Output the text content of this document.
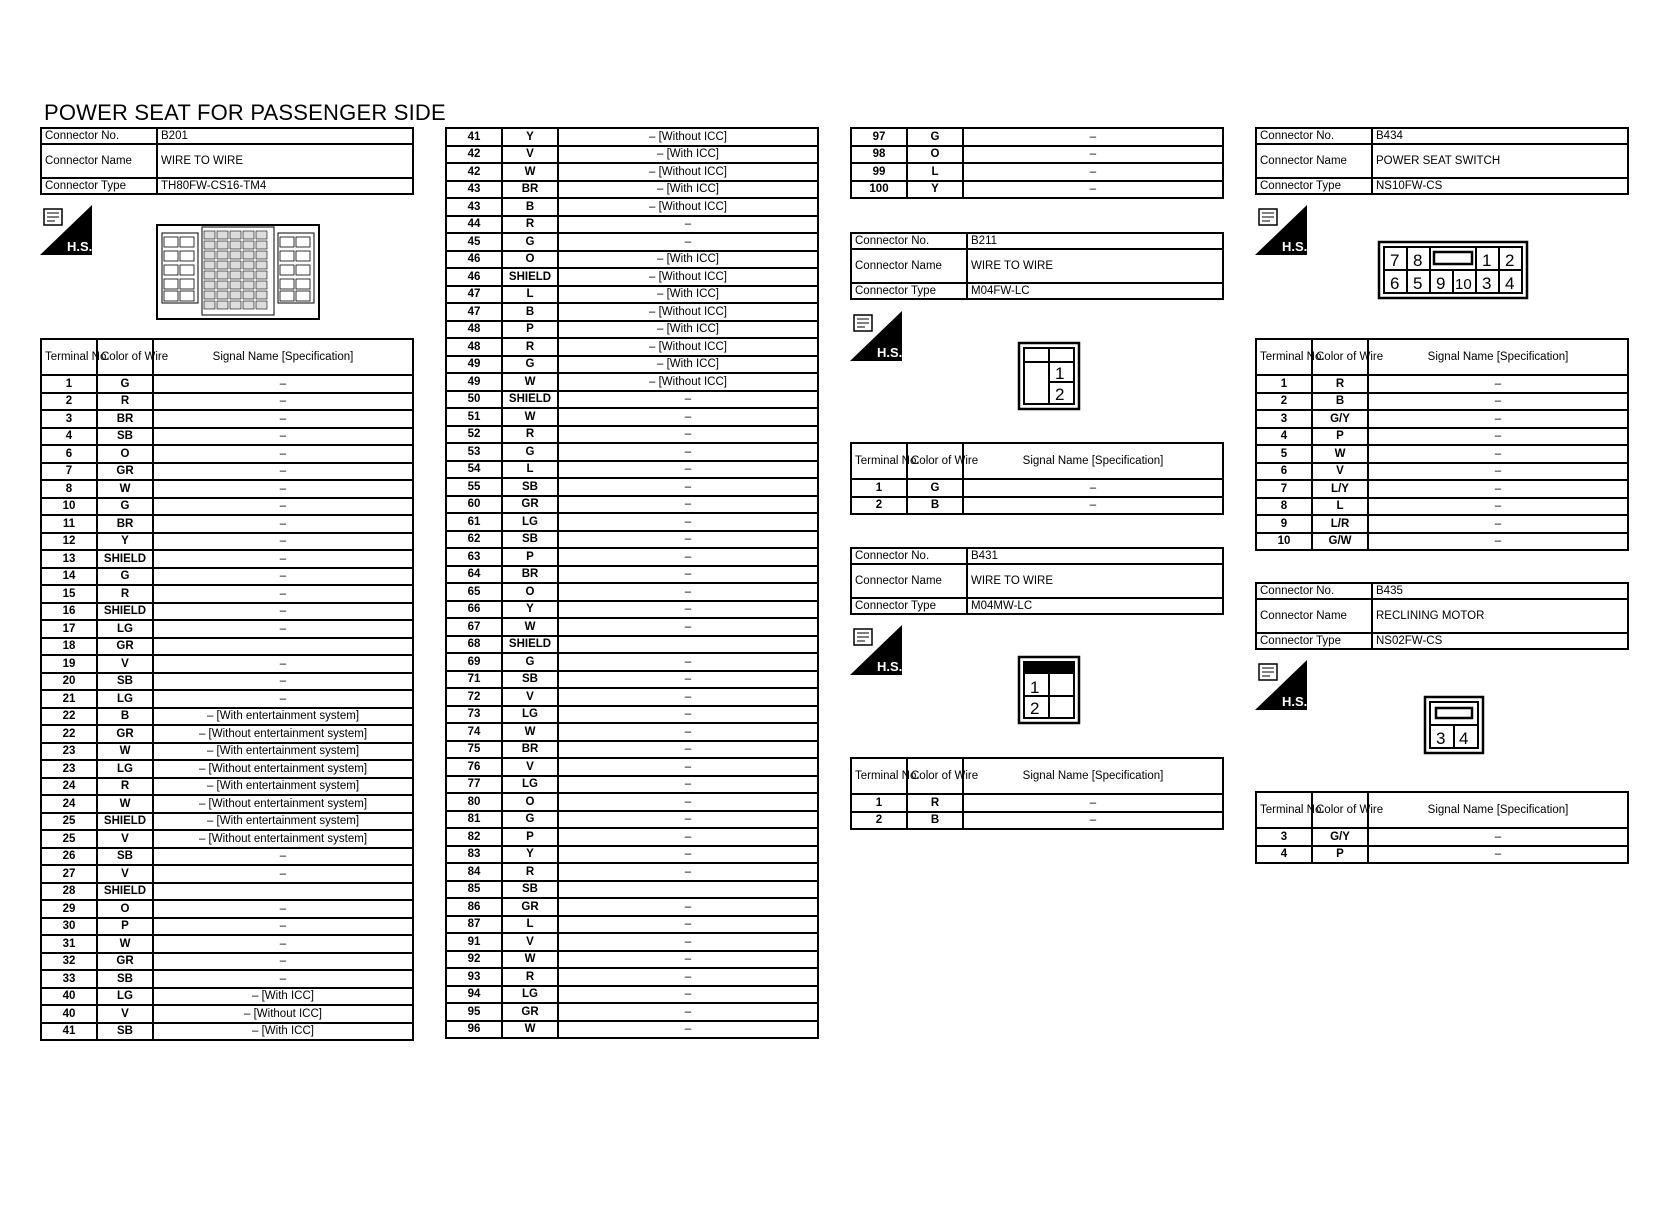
POWER SEAT FOR PASSENGER SIDE
Connector No.	B201
Connector Name	WIRE TO WIRE
Connector Type	TH80FW-CS16-TM4
H.S.
Terminal No.	Color of Wire	Signal Name [Specification]
1	G	–
2	R	–
3	BR	–
4	SB	–
6	O	–
7	GR	–
8	W	–
10	G	–
11	BR	–
12	Y	–
13	SHIELD	–
14	G	–
15	R	–
16	SHIELD	–
17	LG	–
18	GR	
19	V	–
20	SB	–
21	LG	–
22	B	– [With entertainment system]
22	GR	– [Without entertainment system]
23	W	– [With entertainment system]
23	LG	– [Without entertainment system]
24	R	– [With entertainment system]
24	W	– [Without entertainment system]
25	SHIELD	– [With entertainment system]
25	V	– [Without entertainment system]
26	SB	–
27	V	–
28	SHIELD	
29	O	–
30	P	–
31	W	–
32	GR	–
33	SB	–
40	LG	– [With ICC]
40	V	– [Without ICC]
41	SB	– [With ICC]
41	Y	– [Without ICC]
42	V	– [With ICC]
42	W	– [Without ICC]
43	BR	– [With ICC]
43	B	– [Without ICC]
44	R	–
45	G	–
46	O	– [With ICC]
46	SHIELD	– [Without ICC]
47	L	– [With ICC]
47	B	– [Without ICC]
48	P	– [With ICC]
48	R	– [Without ICC]
49	G	– [With ICC]
49	W	– [Without ICC]
50	SHIELD	–
51	W	–
52	R	–
53	G	–
54	L	–
55	SB	–
60	GR	–
61	LG	–
62	SB	–
63	P	–
64	BR	–
65	O	–
66	Y	–
67	W	–
68	SHIELD	
69	G	–
71	SB	–
72	V	–
73	LG	–
74	W	–
75	BR	–
76	V	–
77	LG	–
80	O	–
81	G	–
82	P	–
83	Y	–
84	R	–
85	SB	
86	GR	–
87	L	–
91	V	–
92	W	–
93	R	–
94	LG	–
95	GR	–
96	W	–
97	G	–
98	O	–
99	L	–
100	Y	–
Connector No.	B211
Connector Name	WIRE TO WIRE
Connector Type	M04FW-LC
H.S.
1
2
Terminal No.	Color of Wire	Signal Name [Specification]
1	G	–
2	B	–
Connector No.	B431
Connector Name	WIRE TO WIRE
Connector Type	M04MW-LC
H.S.
1
2
Terminal No.	Color of Wire	Signal Name [Specification]
1	R	–
2	B	–
Connector No.	B434
Connector Name	POWER SEAT SWITCH
Connector Type	NS10FW-CS
H.S.
7 8	1 2
6 5 9 10 3 4
Terminal No.	Color of Wire	Signal Name [Specification]
1	R	–
2	B	–
3	G/Y	–
4	P	–
5	W	–
6	V	–
7	L/Y	–
8	L	–
9	L/R	–
10	G/W	–
Connector No.	B435
Connector Name	RECLINING MOTOR
Connector Type	NS02FW-CS
H.S.
3 4
Terminal No.	Color of Wire	Signal Name [Specification]
3	G/Y	–
4	P	–
